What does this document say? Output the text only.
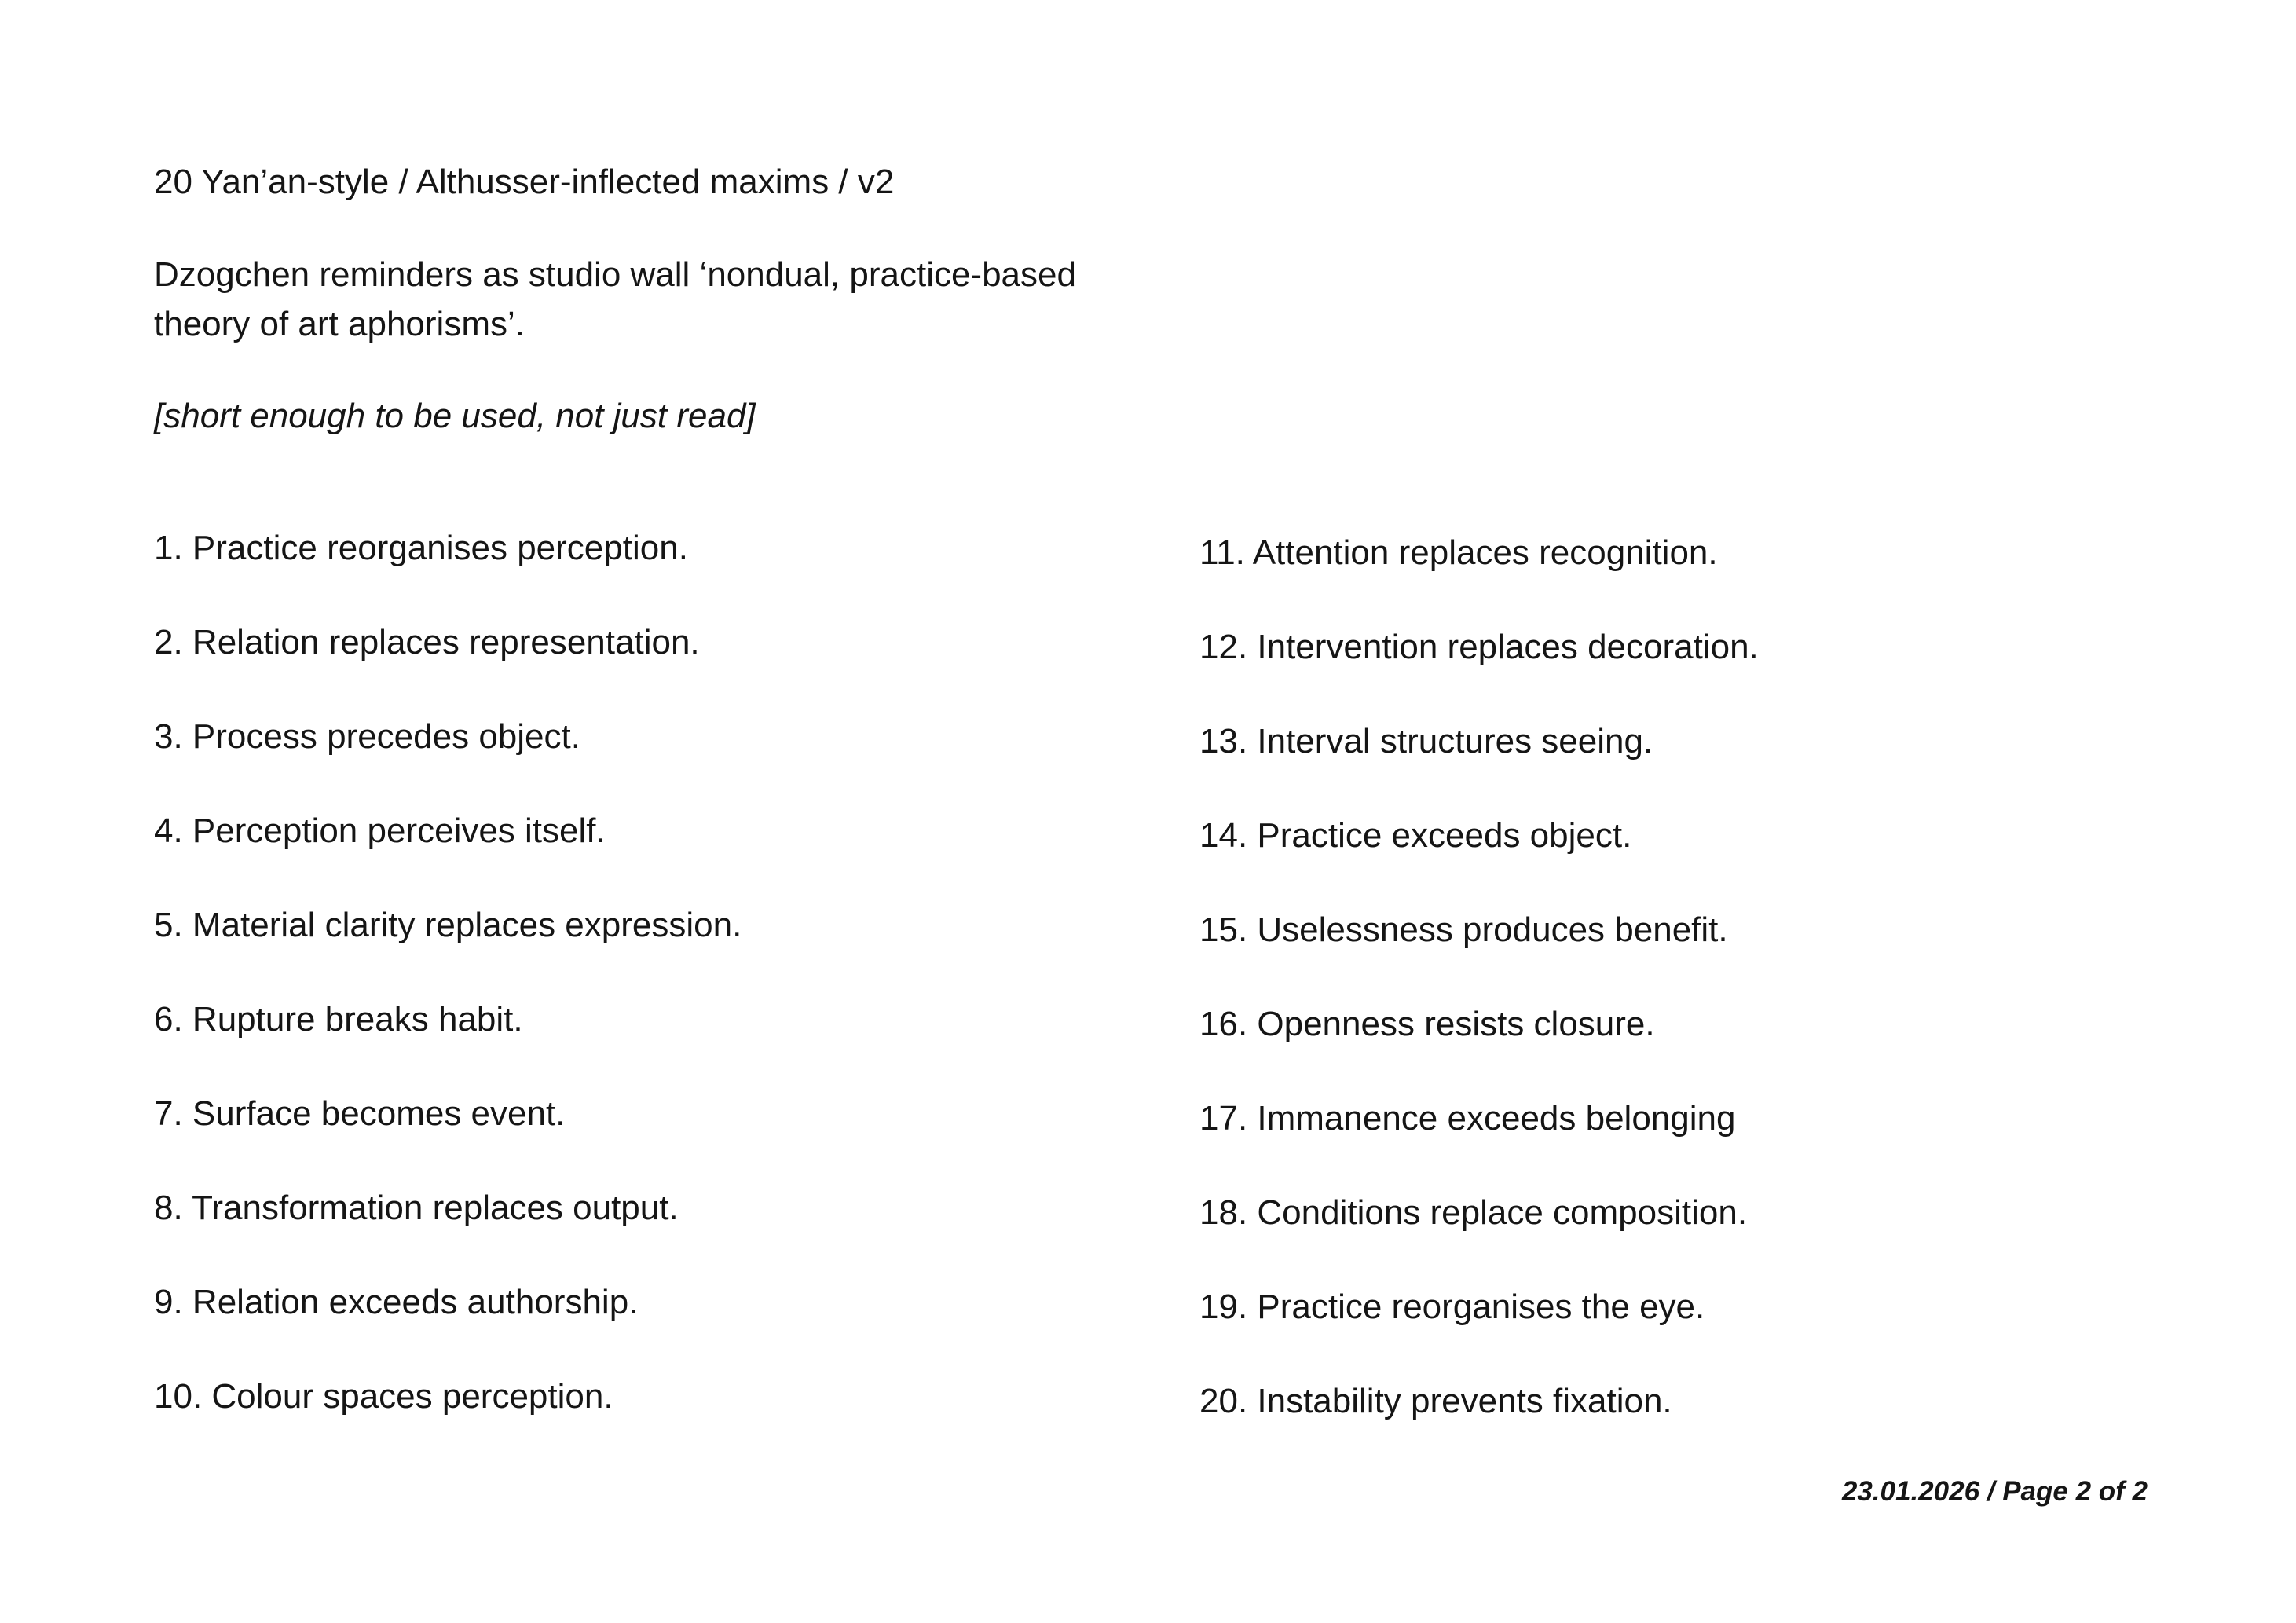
20 Yan’an-style / Althusser-inflected maxims / v2
Dzogchen reminders as studio wall ‘nondual, practice-based
theory of art aphorisms’.
[short enough to be used, not just read]
1. Practice reorganises perception.
2. Relation replaces representation.
3. Process precedes object.
4. Perception perceives itself.
5. Material clarity replaces expression.
6. Rupture breaks habit.
7. Surface becomes event.
8. Transformation replaces output.
9. Relation exceeds authorship.
10. Colour spaces perception.
11. Attention replaces recognition.
12. Intervention replaces decoration.
13. Interval structures seeing.
14. Practice exceeds object.
15. Uselessness produces benefit.
16. Openness resists closure.
17. Immanence exceeds belonging
18. Conditions replace composition.
19. Practice reorganises the eye.
20. Instability prevents fixation.
23.01.2026 / Page 2 of 2
